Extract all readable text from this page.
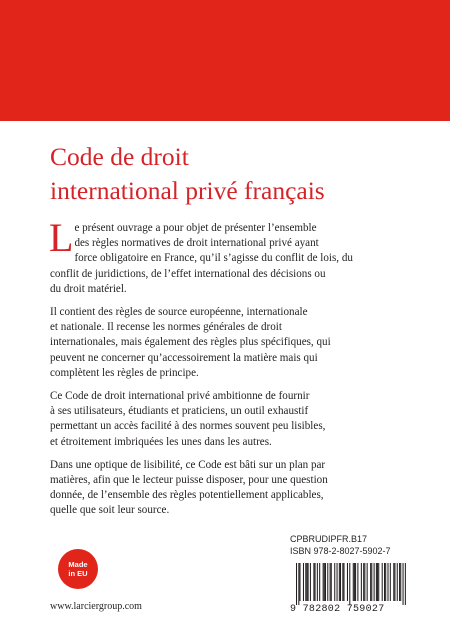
Code de droit
international privé français
L e présent ouvrage a pour objet de présenter l’ensemble
des règles normatives de droit international privé ayant
force obligatoire en France, qu’il s’agisse du conflit de lois, du
conflit de juridictions, de l’effet international des décisions ou
du droit matériel.
Il contient des règles de source européenne, internationale
et nationale. Il recense les normes générales de droit
internationales, mais également des règles plus spécifiques, qui
peuvent ne concerner qu’accessoirement la matière mais qui
complètent les règles de principe.
Ce Code de droit international privé ambitionne de fournir
à ses utilisateurs, étudiants et praticiens, un outil exhaustif
permettant un accès facilité à des normes souvent peu lisibles,
et étroitement imbriquées les unes dans les autres.
Dans une optique de lisibilité, ce Code est bâti sur un plan par
matières, afin que le lecteur puisse disposer, pour une question
donnée, de l’ensemble des règles potentiellement applicables,
quelle que soit leur source.
Made
in EU
www.larciergroup.com
CPBRUDIPFR.B17
ISBN 978-2-8027-5902-7
9 782802 759027
